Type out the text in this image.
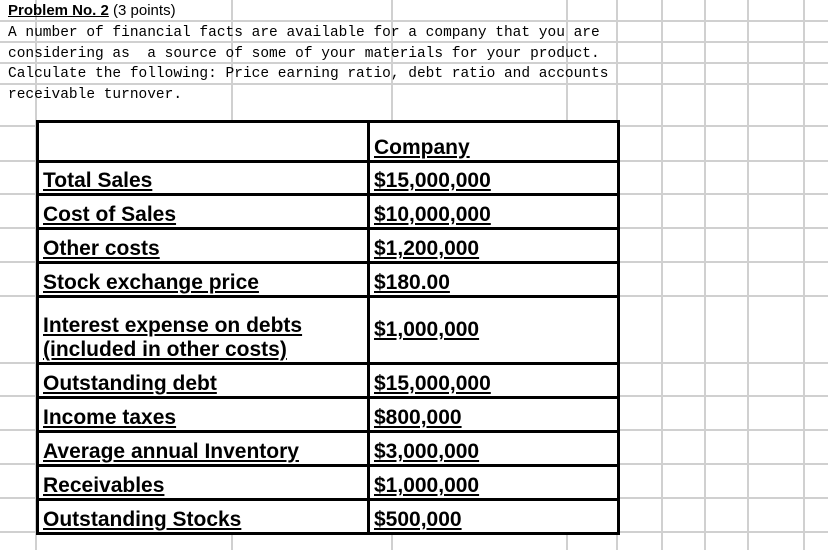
Problem No. 2 (3 points)
A number of financial facts are available for a company that you are
considering as  a source of some of your materials for your product.
Calculate the following: Price earning ratio, debt ratio and accounts
receivable turnover.
	Company
Total Sales	$15,000,000
Cost of Sales	$10,000,000
Other costs	$1,200,000
Stock exchange price	$180.00
Interest expense on debts
(included in other costs)	$1,000,000
Outstanding debt	$15,000,000
Income taxes	$800,000
Average annual Inventory	$3,000,000
Receivables	$1,000,000
Outstanding Stocks	$500,000
